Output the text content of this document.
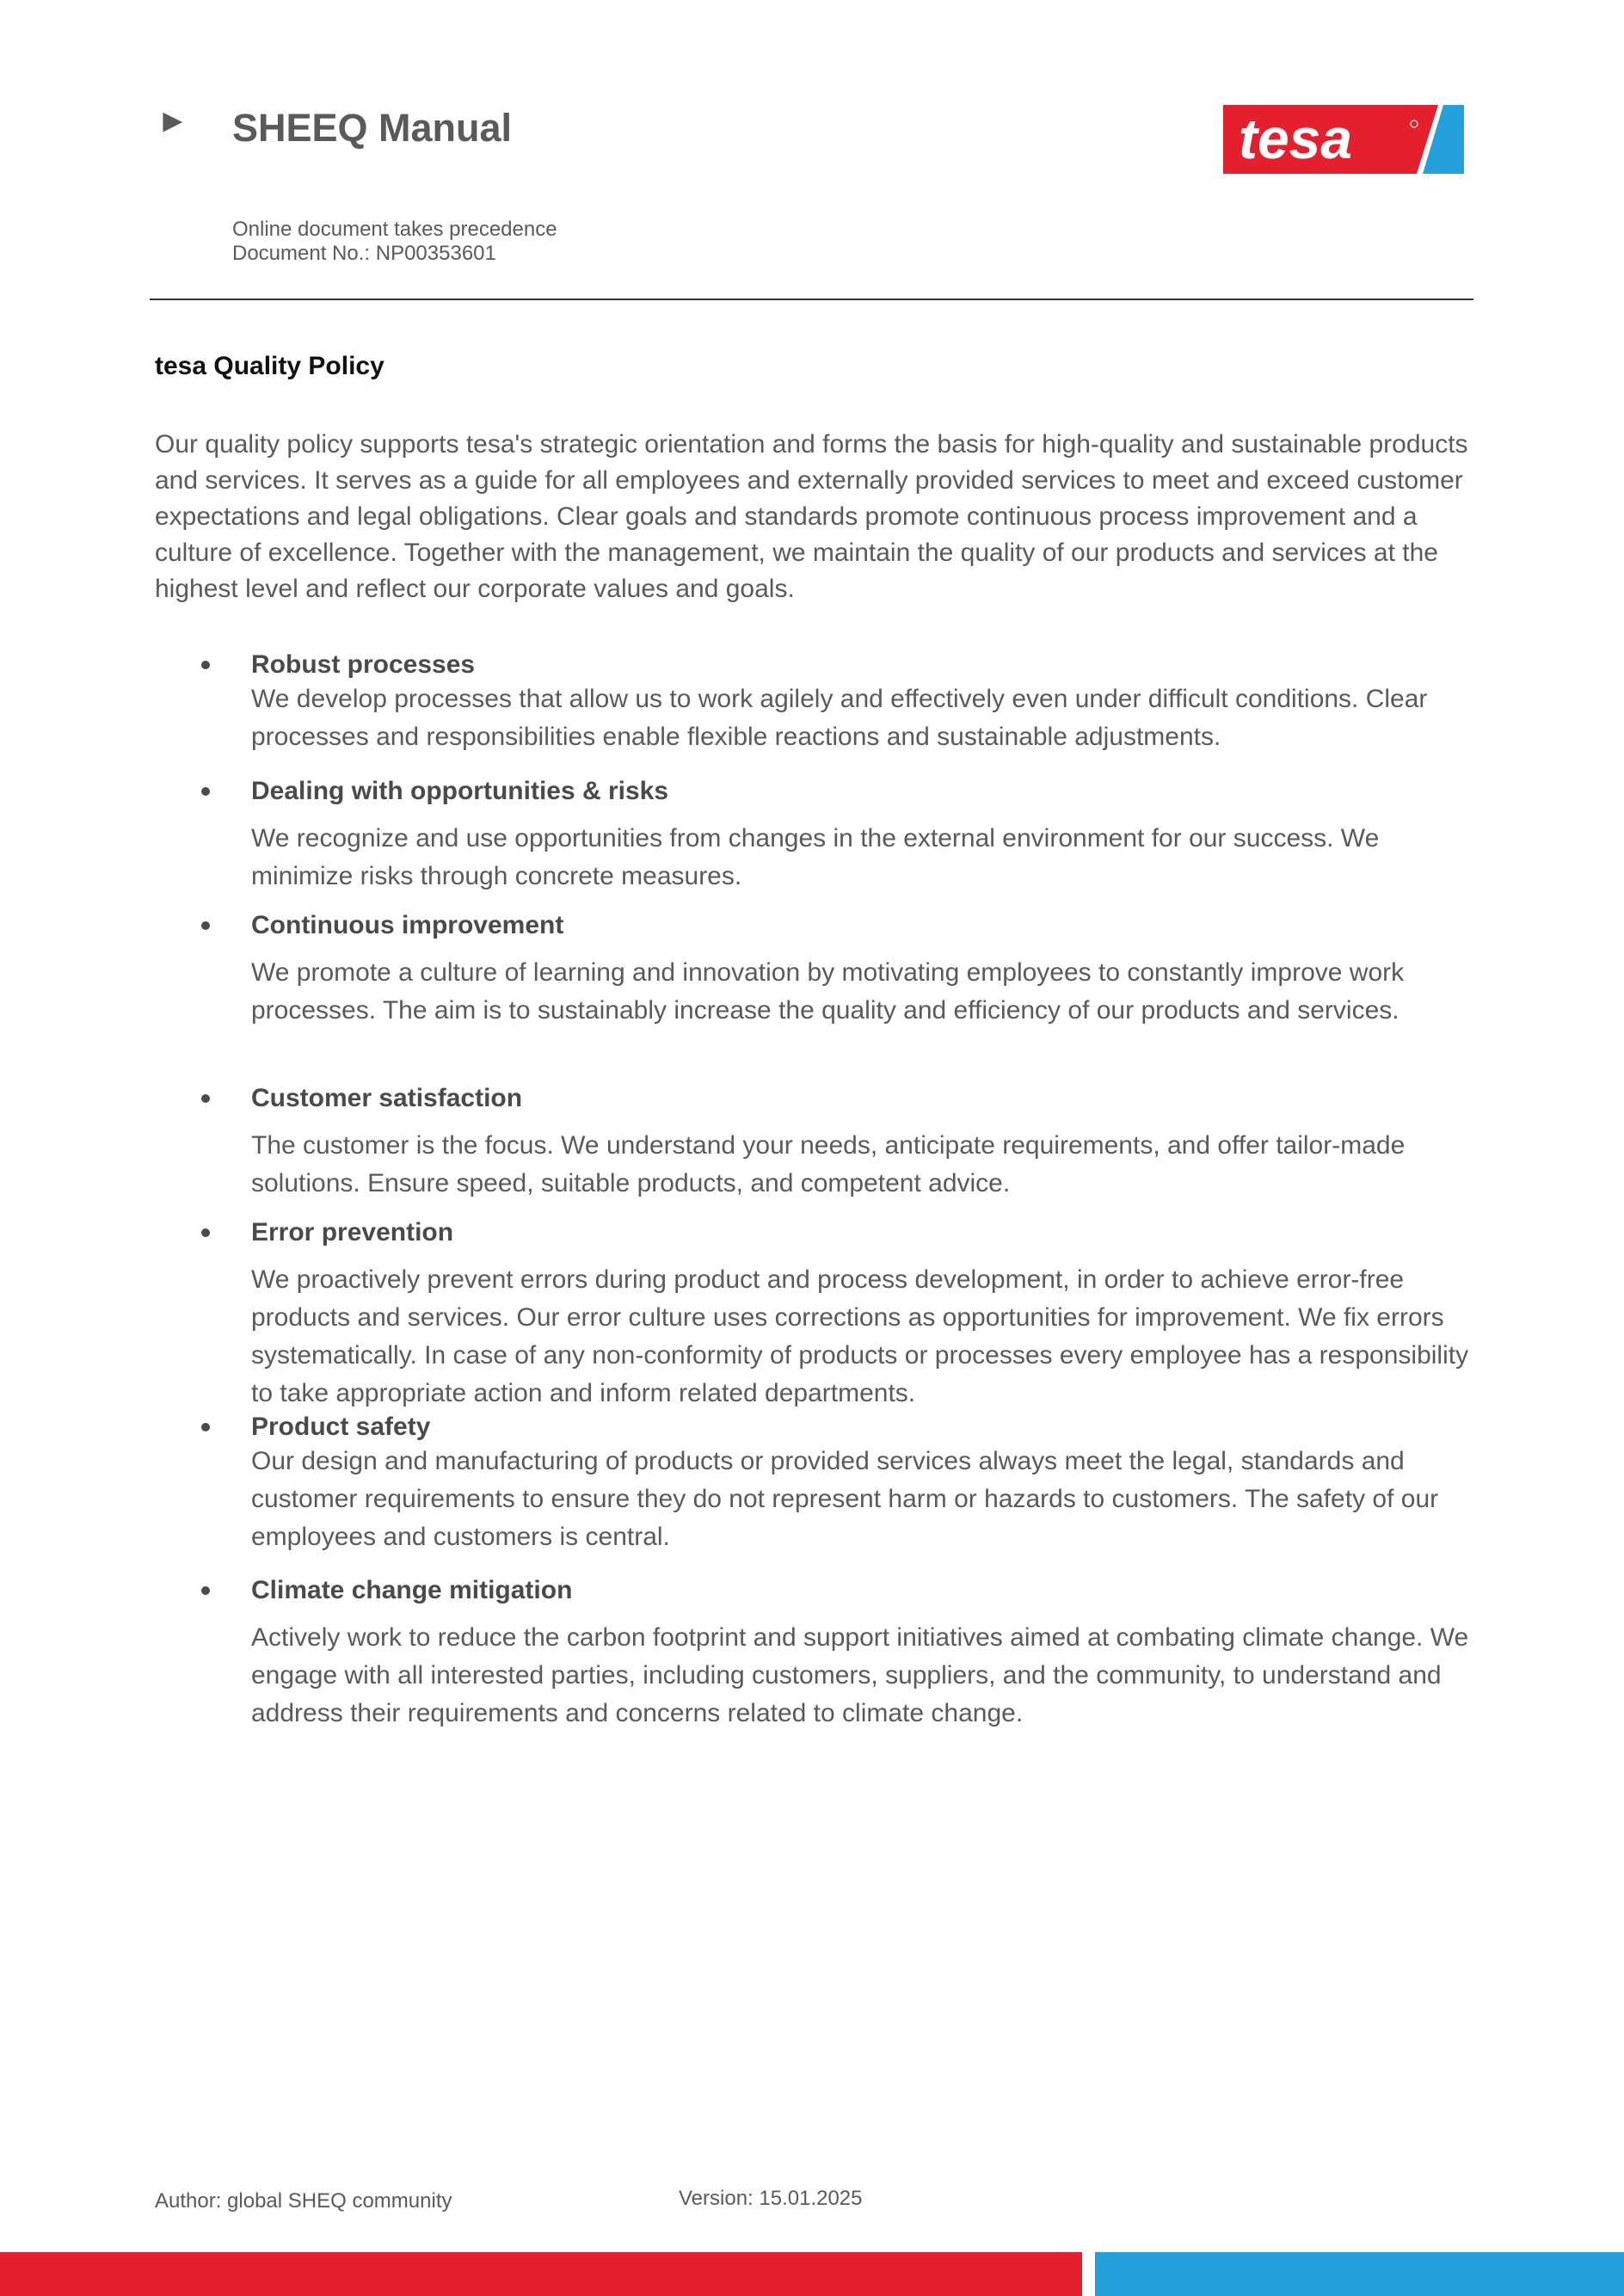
► SHEEQ Manual	tesa
Online document takes precedence
Document No.: NP00353601
tesa Quality Policy

Our quality policy supports tesa's strategic orientation and forms the basis for high-quality and sustainable products and services. It serves as a guide for all employees and externally provided services to meet and exceed customer expectations and legal obligations. Clear goals and standards promote continuous process improvement and a culture of excellence. Together with the management, we maintain the quality of our products and services at the highest level and reflect our corporate values and goals.

Robust processes

We develop processes that allow us to work agilely and effectively even under difficult conditions. Clear processes and responsibilities enable flexible reactions and sustainable adjustments.

Dealing with opportunities & risks

We recognize and use opportunities from changes in the external environment for our success. We minimize risks through concrete measures.

Continuous improvement

We promote a culture of learning and innovation by motivating employees to constantly improve work processes. The aim is to sustainably increase the quality and efficiency of our products and services.

Customer satisfaction

The customer is the focus. We understand your needs, anticipate requirements, and offer tailor-made solutions. Ensure speed, suitable products, and competent advice.

Error prevention

We proactively prevent errors during product and process development, in order to achieve error-free products and services. Our error culture uses corrections as opportunities for improvement. We fix errors systematically. In case of any non-conformity of products or processes every employee has a responsibility to take appropriate action and inform related departments.

Product safety

Our design and manufacturing of products or provided services always meet the legal, standards and customer requirements to ensure they do not represent harm or hazards to customers. The safety of our employees and customers is central.

Climate change mitigation

Actively work to reduce the carbon footprint and support initiatives aimed at combating climate change. We engage with all interested parties, including customers, suppliers, and the community, to understand and address their requirements and concerns related to climate change.

Author: global SHEQ community	Version: 15.01.2025
